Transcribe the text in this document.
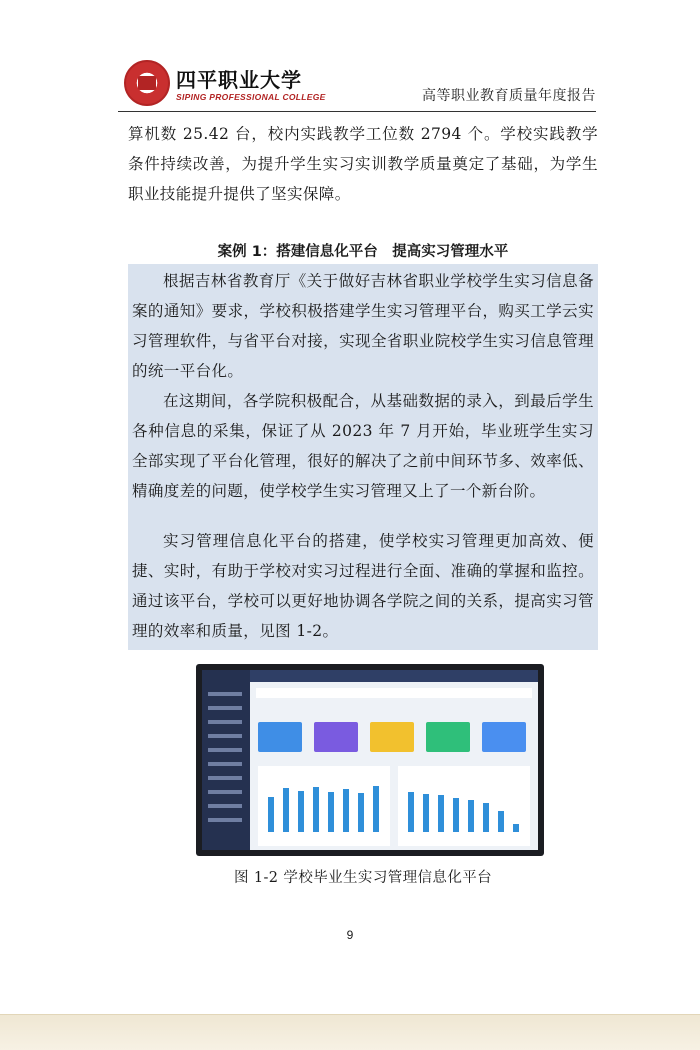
四平职业大学
SIPING PROFESSIONAL COLLEGE	高等职业教育质量年度报告
算机数 25.42 台，校内实践教学工位数 2794 个。学校实践教学条件持续改善，为提升学生实习实训教学质量奠定了基础，为学生职业技能提升提供了坚实保障。
案例 1：搭建信息化平台　提高实习管理水平
根据吉林省教育厅《关于做好吉林省职业学校学生实习信息备案的通知》要求，学校积极搭建学生实习管理平台，购买工学云实习管理软件，与省平台对接，实现全省职业院校学生实习信息管理的统一平台化。
在这期间，各学院积极配合，从基础数据的录入，到最后学生各种信息的采集，保证了从 2023 年 7 月开始，毕业班学生实习全部实现了平台化管理，很好的解决了之前中间环节多、效率低、精确度差的问题，使学校学生实习管理又上了一个新台阶。
实习管理信息化平台的搭建，使学校实习管理更加高效、便捷、实时，有助于学校对实习过程进行全面、准确的掌握和监控。通过该平台，学校可以更好地协调各学院之间的关系，提高实习管理的效率和质量，见图 1-2。
图 1-2 学校毕业生实习管理信息化平台
9
